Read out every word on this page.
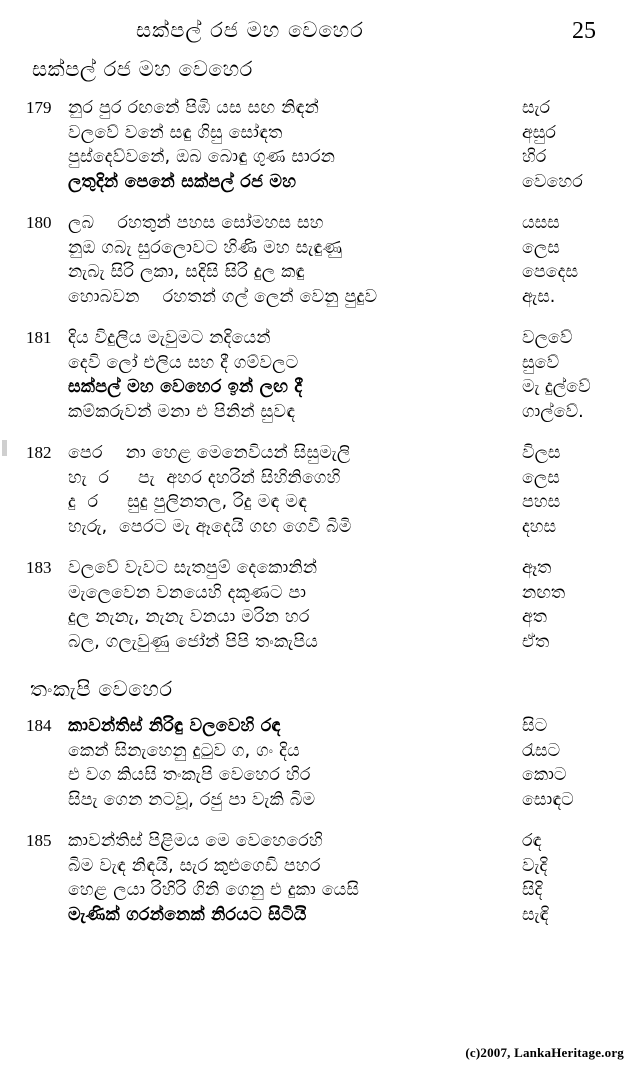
සක්පල් රජ මහ වෙහෙර	25
සක්පල් රජ මහ වෙහෙර
179 නුර පුර රඟනේ පිඹි යස සඟ නිඳන්	සැර
වලවේ වනේ සඳු ගිසු සෝඳත	අසුර
පුස්දෙව්වනේ, ඔබ බොඳු ගුණ සාරන	හිර
ලතුදින් පෙනේ සක්පල් රජ මහ	වෙහෙර
180 ලබ    රහතුන් පහස සෝමහස සහ	යසස
නුඔ ගබැ සුරලොවට හිණි මහ සැඳුණු	ලෙස
නැබැ සිරි ලකා, සදිසි සිරි දුල කඳු	පෙදෙස
හොබවන    රහතන් ගල් ලෙන් වෙනු පුදුව	ඇස.
181 දිය විදුලිය මැවුමට නදියෙන්	වලවේ
දෙවි ලෝ එලිය සහ දී ගම්වලට	සුවේ
සක්පල් මහ වෙහෙර ඉන් ලඟ දී	මැ දුල්වේ
කම්කරුවන් මනා එ පිනින් සුවඳ	ගාල්වේ.
182 පෙර    නා හෙළ මෙනෙවියන් සිසුමැලි	විලස
හැ  ර     පැ  අහර දහරින් සිහිනිගෙහි	ලෙස
දු  ර     සුදු පුලිනතල, රිදු මඳ මඳ	පහස
හැරු,  පෙරට මැ ඈදෙයි ගඟ ගෙවී බිමි	දහස
183 වලවේ වැවට සැතපුම් දෙකොනින්	ඈත
මැලෙවෙන වනයෙහි දකුණට පා	නඟත
දුල නැනැ, නැනැ වනයා මරින හර	අත
බල, ගලැවුණු ජෝන් පිපි තංකැපිය	ඒත
තංකැපි වෙහෙර
184 කාවන්තිස් නිරිඳු වලවෙහි රඳ	සිට
කෙන් සිනැහෙනු දුටුව ග, ගං දිය	රැසට
එ වග කියසි තංකැපි වෙහෙර හිර	කොට
සිපැ ගෙන නටවූ, රජු පා වැකි බිම	සොඳට
185 කාවන්තිස් පිළිමය මෙ වෙහෙරෙහි	රඳ
බිම වැඳ නිඳයි, සැර කුළුගෙඩි පහර	වැදි
හෙළ ලයා රිහිරි ගිනි ගෙනු එ දුකා යෙසි	සිදි
මැණික් ගරන්නෙක් නිරයට සිටියි	සැඳි
(c)2007, LankaHeritage.org
